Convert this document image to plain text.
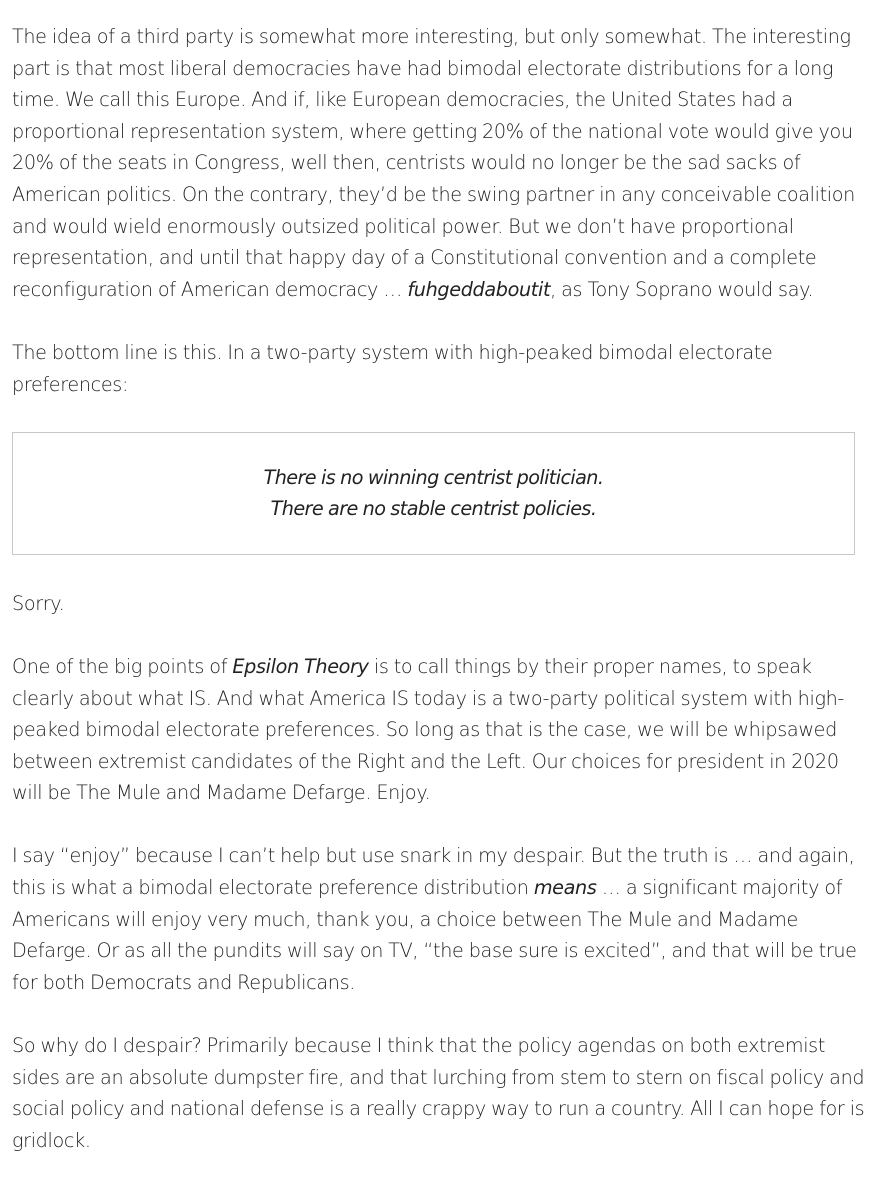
The idea of a third party is somewhat more interesting, but only somewhat. The interesting part is that most liberal democracies have had bimodal electorate distributions for a long time. We call this Europe. And if, like European democracies, the United States had a proportional representation system, where getting 20% of the national vote would give you 20% of the seats in Congress, well then, centrists would no longer be the sad sacks of American politics. On the contrary, they’d be the swing partner in any conceivable coalition and would wield enormously outsized political power. But we don’t have proportional representation, and until that happy day of a Constitutional convention and a complete reconfiguration of American democracy … fuhgeddaboutit, as Tony Soprano would say.

The bottom line is this. In a two-party system with high-peaked bimodal electorate preferences:

There is no winning centrist politician.
There are no stable centrist policies.

Sorry.

One of the big points of Epsilon Theory is to call things by their proper names, to speak clearly about what IS. And what America IS today is a two-party political system with high-peaked bimodal electorate preferences. So long as that is the case, we will be whipsawed between extremist candidates of the Right and the Left. Our choices for president in 2020 will be The Mule and Madame Defarge. Enjoy.

I say “enjoy” because I can’t help but use snark in my despair. But the truth is … and again, this is what a bimodal electorate preference distribution means … a significant majority of Americans will enjoy very much, thank you, a choice between The Mule and Madame Defarge. Or as all the pundits will say on TV, “the base sure is excited”, and that will be true for both Democrats and Republicans.

So why do I despair? Primarily because I think that the policy agendas on both extremist sides are an absolute dumpster fire, and that lurching from stem to stern on fiscal policy and social policy and national defense is a really crappy way to run a country. All I can hope for is gridlock.
